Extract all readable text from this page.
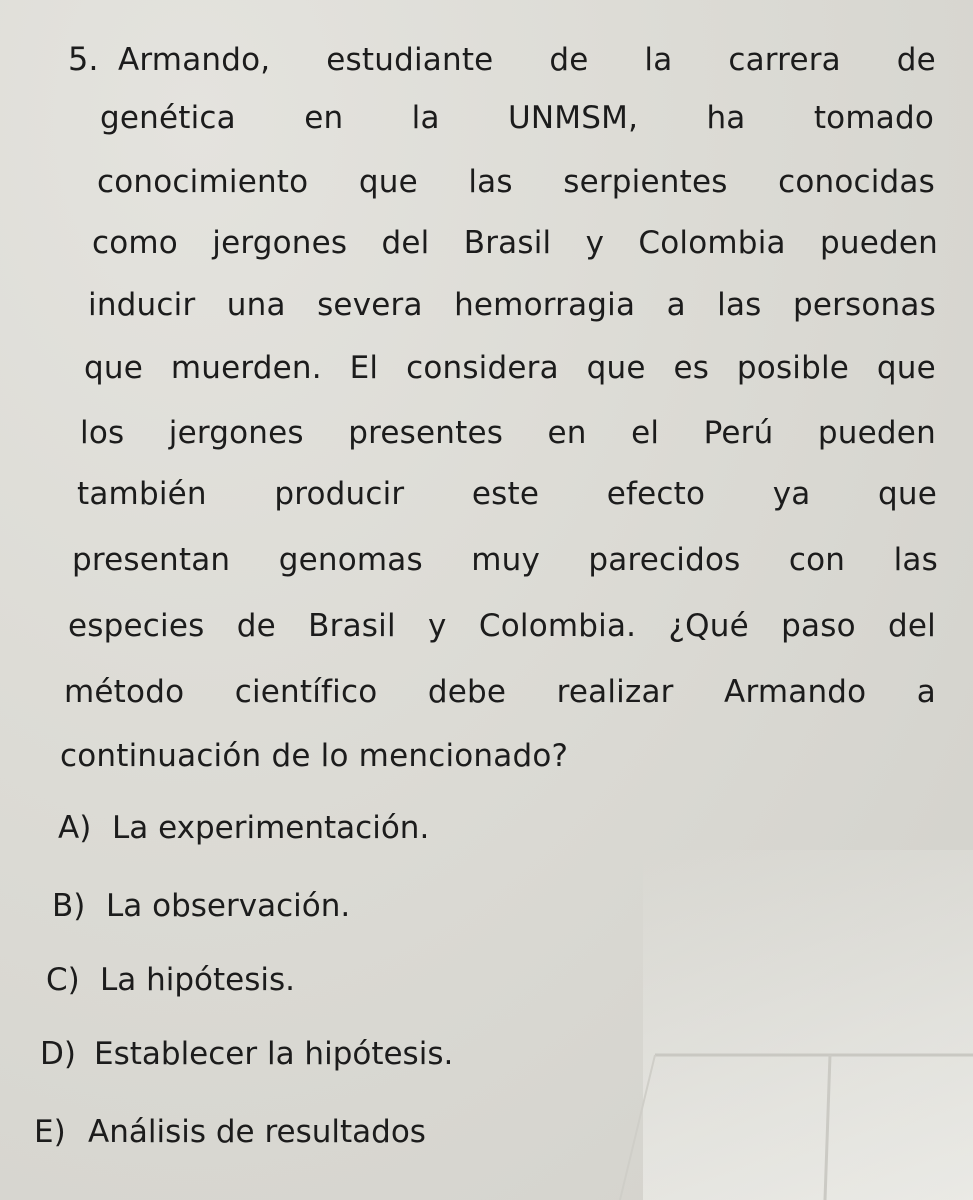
5. Armando, estudiante de la carrera de
genética en la UNMSM, ha tomado
conocimiento que las serpientes conocidas
como jergones del Brasil y Colombia pueden
inducir una severa hemorragia a las personas
que muerden. El considera que es posible que
los jergones presentes en el Perú pueden
también producir este efecto ya que
presentan genomas muy parecidos con las
especies de Brasil y Colombia. ¿Qué paso del
método científico debe realizar Armando a
continuación de lo mencionado?
A) La experimentación.
B) La observación.
C) La hipótesis.
D) Establecer la hipótesis.
E) Análisis de resultados
